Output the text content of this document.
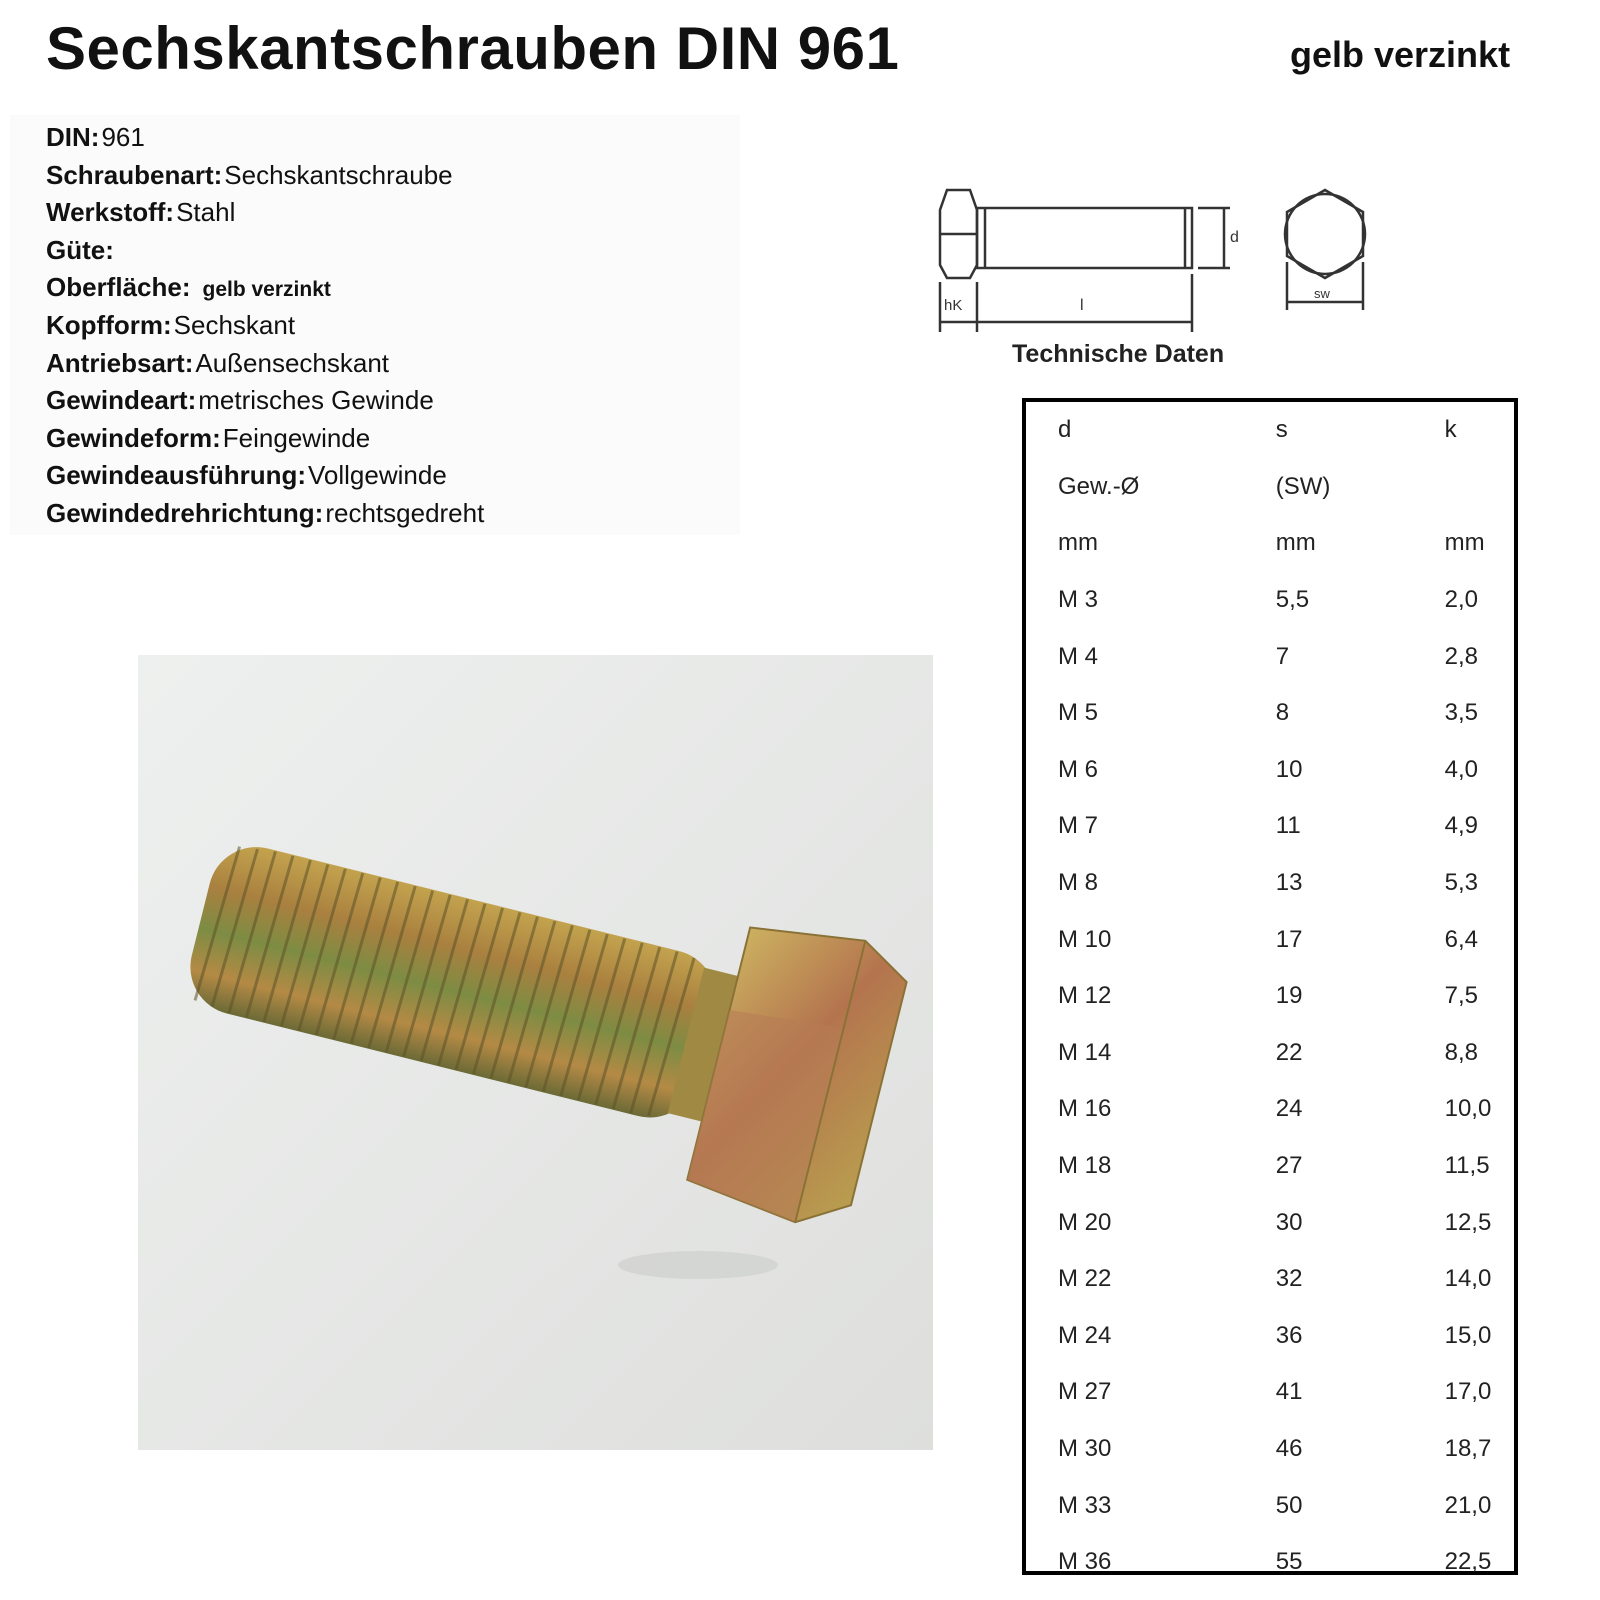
Sechskantschrauben DIN 961	gelb verzinkt
DIN:961
Schraubenart:Sechskantschraube
Werkstoff:Stahl
Güte:
Oberfläche: gelb verzinkt
Kopfform:Sechskant
Antriebsart:Außensechskant
Gewindeart:metrisches Gewinde
Gewindeform:Feingewinde
Gewindeausführung:Vollgewinde
Gewindedrehrichtung:rechtsgedreht
d
hK	l
sw
Technische Daten
d	s	k
Gew.-Ø	(SW)	
mm	mm	mm
M 3	5,5	2,0
M 4	7	2,8
M 5	8	3,5
M 6	10	4,0
M 7	11	4,9
M 8	13	5,3
M 10	17	6,4
M 12	19	7,5
M 14	22	8,8
M 16	24	10,0
M 18	27	11,5
M 20	30	12,5
M 22	32	14,0
M 24	36	15,0
M 27	41	17,0
M 30	46	18,7
M 33	50	21,0
M 36	55	22,5
